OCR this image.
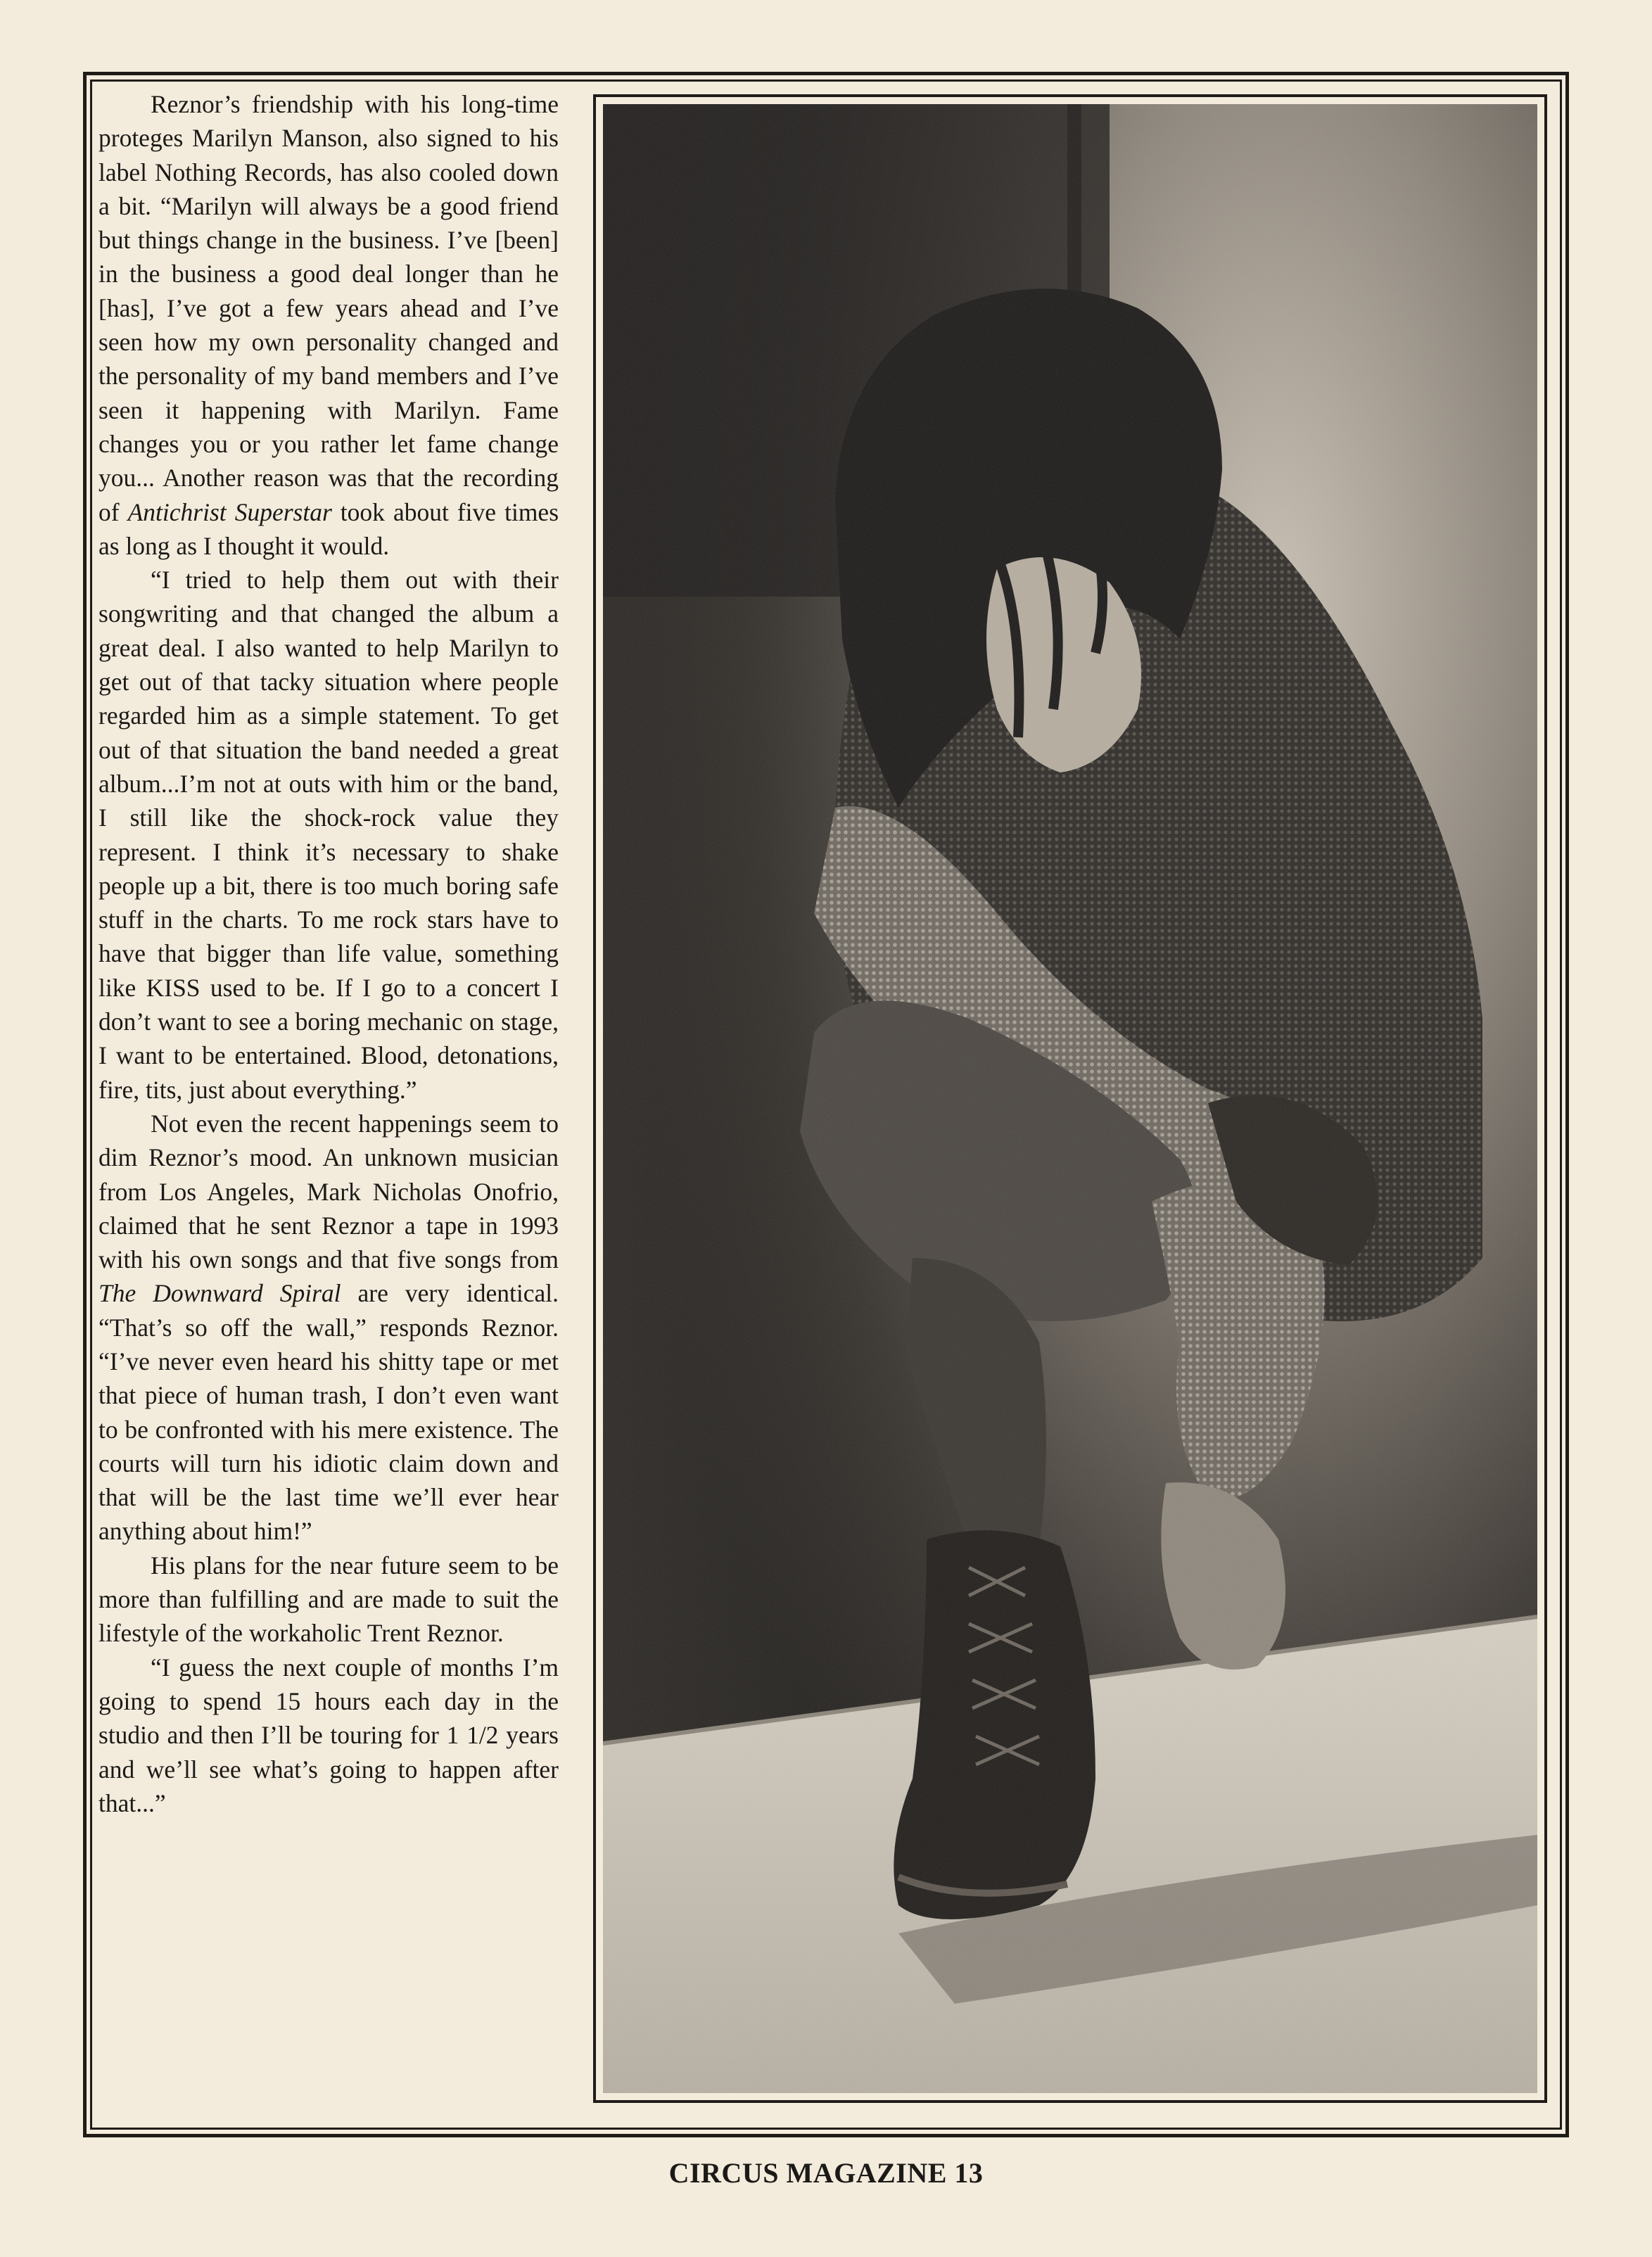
Reznor’s friendship with his long-time proteges Marilyn Manson, also signed to his label Nothing Records, has also cooled down a bit. “Marilyn will always be a good friend but things change in the business. I’ve [been] in the business a good deal longer than he [has], I’ve got a few years ahead and I’ve seen how my own personality changed and the personality of my band members and I’ve seen it happening with Marilyn. Fame changes you or you rather let fame change you... Another reason was that the recording of Antichrist Superstar took about five times as long as I thought it would.

“I tried to help them out with their songwriting and that changed the album a great deal. I also wanted to help Marilyn to get out of that tacky situation where people regarded him as a simple statement. To get out of that situation the band needed a great album...I’m not at outs with him or the band, I still like the shock-rock value they represent. I think it’s necessary to shake people up a bit, there is too much boring safe stuff in the charts. To me rock stars have to have that bigger than life value, something like KISS used to be. If I go to a concert I don’t want to see a boring mechanic on stage, I want to be entertained. Blood, detonations, fire, tits, just about everything.”

Not even the recent happenings seem to dim Reznor’s mood. An unknown musician from Los Angeles, Mark Nicholas Onofrio, claimed that he sent Reznor a tape in 1993 with his own songs and that five songs from The Downward Spiral are very identical. “That’s so off the wall,” responds Reznor. “I’ve never even heard his shitty tape or met that piece of human trash, I don’t even want to be confronted with his mere existence. The courts will turn his idiotic claim down and that will be the last time we’ll ever hear anything about him!”

His plans for the near future seem to be more than fulfilling and are made to suit the lifestyle of the workaholic Trent Reznor.

“I guess the next couple of months I’m going to spend 15 hours each day in the studio and then I’ll be touring for 1 1/2 years and we’ll see what’s going to happen after that...”

CIRCUS MAGAZINE 13
